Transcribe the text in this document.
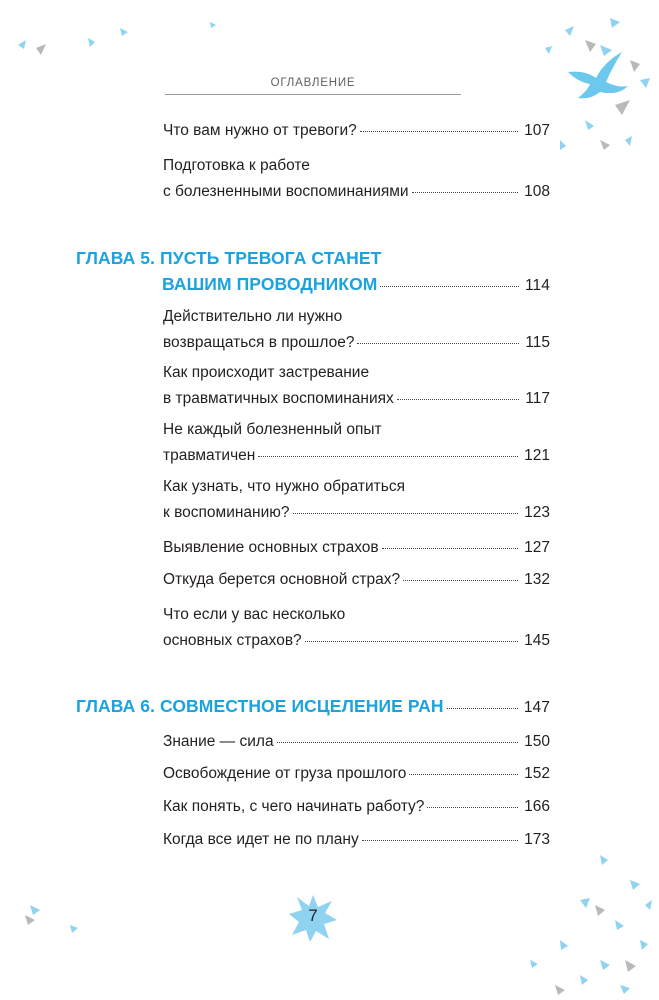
ОГЛАВЛЕНИЕ
Что вам нужно от тревоги?	107
Подготовка к работе
с болезненными воспоминаниями	108
ГЛАВА 5. ПУСТЬ ТРЕВОГА СТАНЕТ
ВАШИМ ПРОВОДНИКОМ	114
Действительно ли нужно
возвращаться в прошлое?	115
Как происходит застревание
в травматичных воспоминаниях	117
Не каждый болезненный опыт
травматичен	121
Как узнать, что нужно обратиться
к воспоминанию?	123
Выявление основных страхов	127
Откуда берется основной страх?	132
Что если у вас несколько
основных страхов?	145
ГЛАВА 6. СОВМЕСТНОЕ ИСЦЕЛЕНИЕ РАН	147
Знание — сила	150
Освобождение от груза прошлого	152
Как понять, с чего начинать работу?	166
Когда все идет не по плану	173
7
